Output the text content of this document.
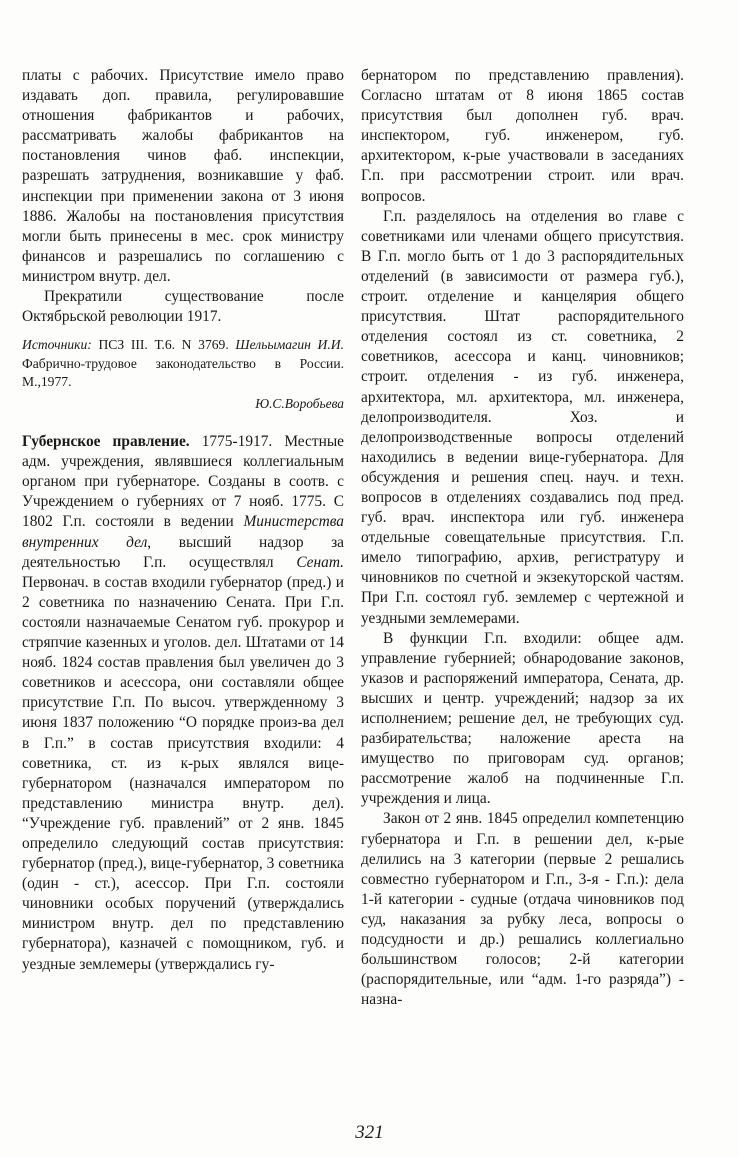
платы с рабочих. Присутствие имело право издавать доп. правила, регулировавшие отношения фабрикантов и рабочих, рассматривать жалобы фабрикантов на постановления чинов фаб. инспекции, разрешать затруднения, возникавшие у фаб. инспекции при применении закона от 3 июня 1886. Жалобы на постановления присутствия могли быть принесены в мес. срок министру финансов и разрешались по соглашению с министром внутр. дел.

Прекратили существование после Октябрьской революции 1917.

Источники: ПСЗ III. Т.6. N 3769. Шельымагин И.И. Фабрично-трудовое законодательство в России. М.,1977.

Ю.С.Воробьева

Губернское правление. 1775-1917. Местные адм. учреждения, являвшиеся коллегиальным органом при губернаторе. Созданы в соотв. с Учреждением о губерниях от 7 нояб. 1775. С 1802 Г.п. состояли в ведении Министерства внутренних дел, высший надзор за деятельностью Г.п. осуществлял Сенат. Первонач. в состав входили губернатор (пред.) и 2 советника по назначению Сената. При Г.п. состояли назначаемые Сенатом губ. прокурор и стряпчие казенных и уголов. дел. Штатами от 14 нояб. 1824 состав правления был увеличен до 3 советников и асессора, они составляли общее присутствие Г.п. По высоч. утвержденному 3 июня 1837 положению “О порядке произ-ва дел в Г.п.” в состав присутствия входили: 4 советника, ст. из к-рых являлся вице-губернатором (назначался императором по представлению министра внутр. дел). “Учреждение губ. правлений” от 2 янв. 1845 определило следующий состав присутствия: губернатор (пред.), вице-губернатор, 3 советника (один - ст.), асессор. При Г.п. состояли чиновники особых поручений (утверждались министром внутр. дел по представлению губернатора), казначей с помощником, губ. и уездные землемеры (утверждались гу-

бернатором по представлению правления). Согласно штатам от 8 июня 1865 состав присутствия был дополнен губ. врач. инспектором, губ. инженером, губ. архитектором, к-рые участвовали в заседаниях Г.п. при рассмотрении строит. или врач. вопросов.

Г.п. разделялось на отделения во главе с советниками или членами общего присутствия. В Г.п. могло быть от 1 до 3 распорядительных отделений (в зависимости от размера губ.), строит. отделение и канцелярия общего присутствия. Штат распорядительного отделения состоял из ст. советника, 2 советников, асессора и канц. чиновников; строит. отделения - из губ. инженера, архитектора, мл. архитектора, мл. инженера, делопроизводителя. Хоз. и делопроизводственные вопросы отделений находились в ведении вице-губернатора. Для обсуждения и решения спец. науч. и техн. вопросов в отделениях создавались под пред. губ. врач. инспектора или губ. инженера отдельные совещательные присутствия. Г.п. имело типографию, архив, регистратуру и чиновников по счетной и экзекуторской частям. При Г.п. состоял губ. землемер с чертежной и уездными землемерами.

В функции Г.п. входили: общее адм. управление губернией; обнародование законов, указов и распоряжений императора, Сената, др. высших и центр. учреждений; надзор за их исполнением; решение дел, не требующих суд. разбирательства; наложение ареста на имущество по приговорам суд. органов; рассмотрение жалоб на подчиненные Г.п. учреждения и лица.

Закон от 2 янв. 1845 определил компетенцию губернатора и Г.п. в решении дел, к-рые делились на 3 категории (первые 2 решались совместно губернатором и Г.п., 3-я - Г.п.): дела 1-й категории - судные (отдача чиновников под суд, наказания за рубку леса, вопросы о подсудности и др.) решались коллегиально большинством голосов; 2-й категории (распорядительные, или “адм. 1-го разряда”) - назна-

321
